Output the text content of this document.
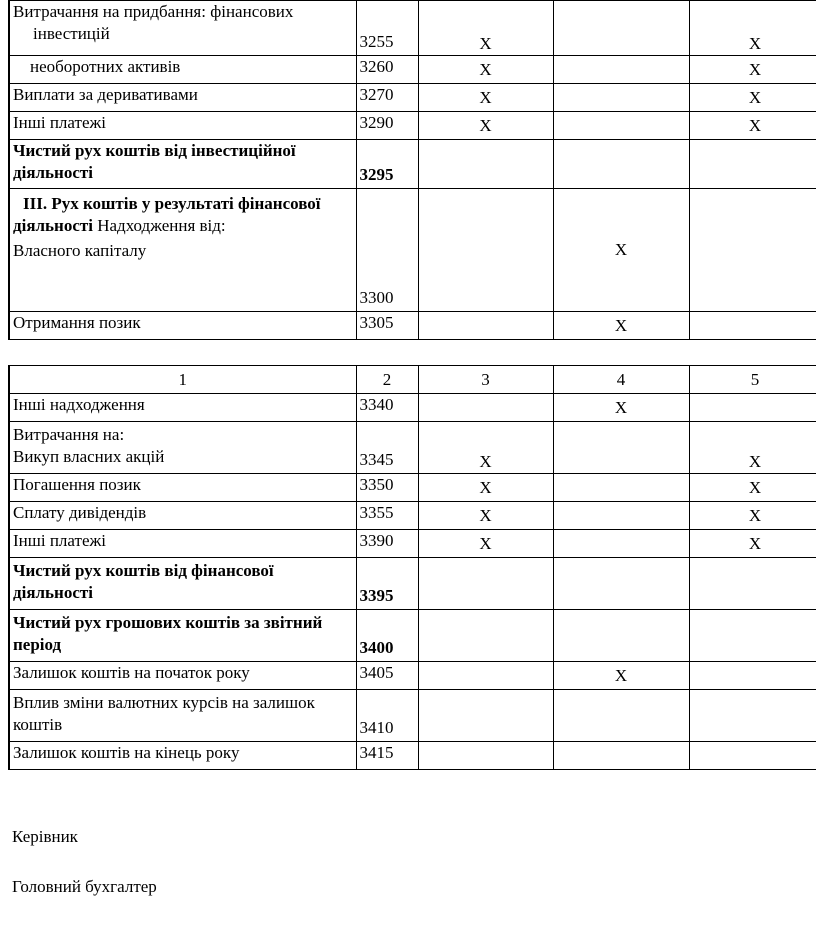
Витрачання на придбання: фінансових
інвестицій	3255	Х		Х
необоротних активів	3260	Х		Х
Виплати за деривативами	3270	Х		Х
Інші платежі	3290	Х		Х

Чистий рух коштів від інвестиційної
діяльності	3295			

ІІІ. Рух коштів у результаті фінансової
діяльності Надходження від:
Власного капіталу	3300		Х	
Отримання позик	3305		Х	
1	2	3	4	5
Інші надходження	3340		Х	

Витрачання на:
Викуп власних акцій	3345	Х		Х
Погашення позик	3350	Х		Х
Сплату дивідендів	3355	Х		Х
Інші платежі	3390	Х		Х

Чистий рух коштів від фінансової
діяльності	3395			

Чистий рух грошових коштів за звітний
період	3400			
Залишок коштів на початок року	3405		Х	

Вплив зміни валютних курсів на залишок
коштів	3410			
Залишок коштів на кінець року	3415			
Керівник
Головний бухгалтер
